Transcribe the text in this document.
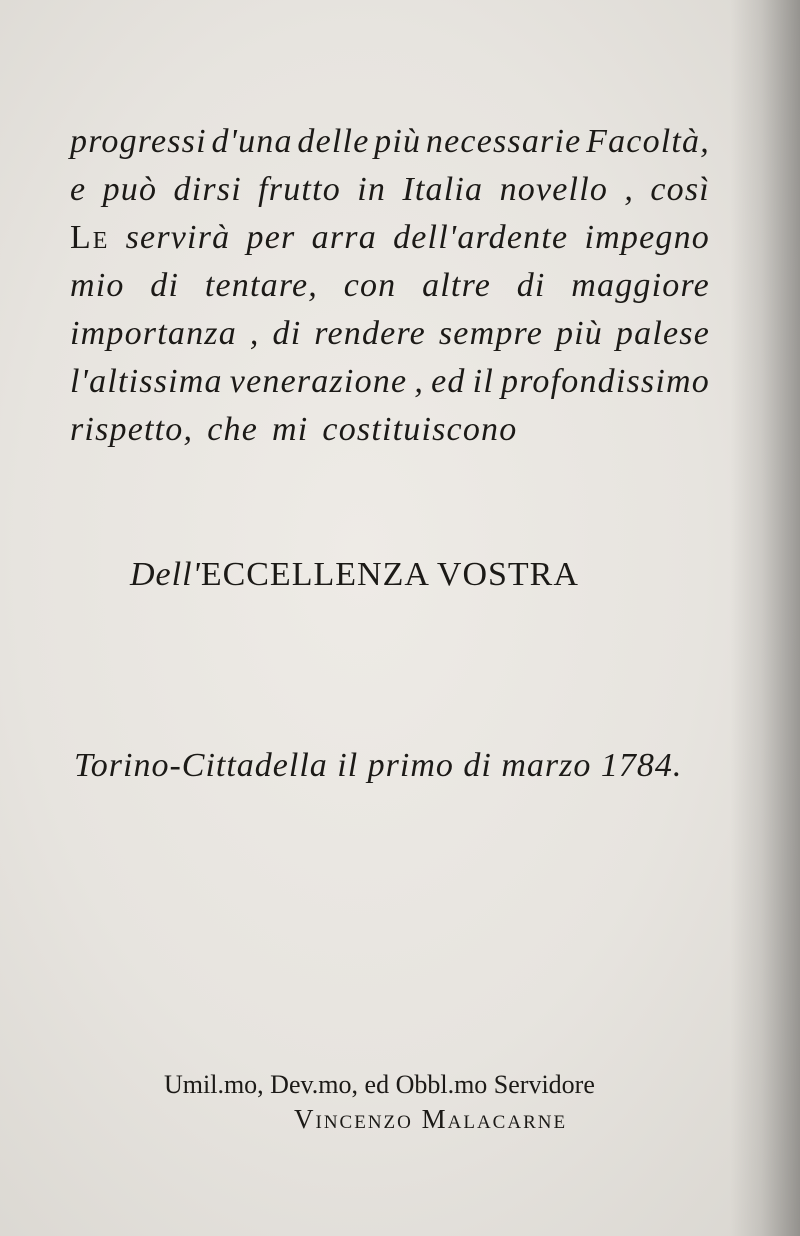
progressi d'una delle più necessarie Facoltà,
e può dirsi frutto in Italia novello , così
Le servirà per arra dell'ardente impegno
mio di tentare, con altre di maggiore
importanza , di rendere sempre più palese
l'altissima venerazione , ed il profondissimo
rispetto, che mi costituiscono
Dell'ECCELLENZA VOSTRA
Torino-Cittadella il primo di marzo 1784.
Umil.mo, Dev.mo, ed Obbl.mo Servidore
Vincenzo Malacarne
